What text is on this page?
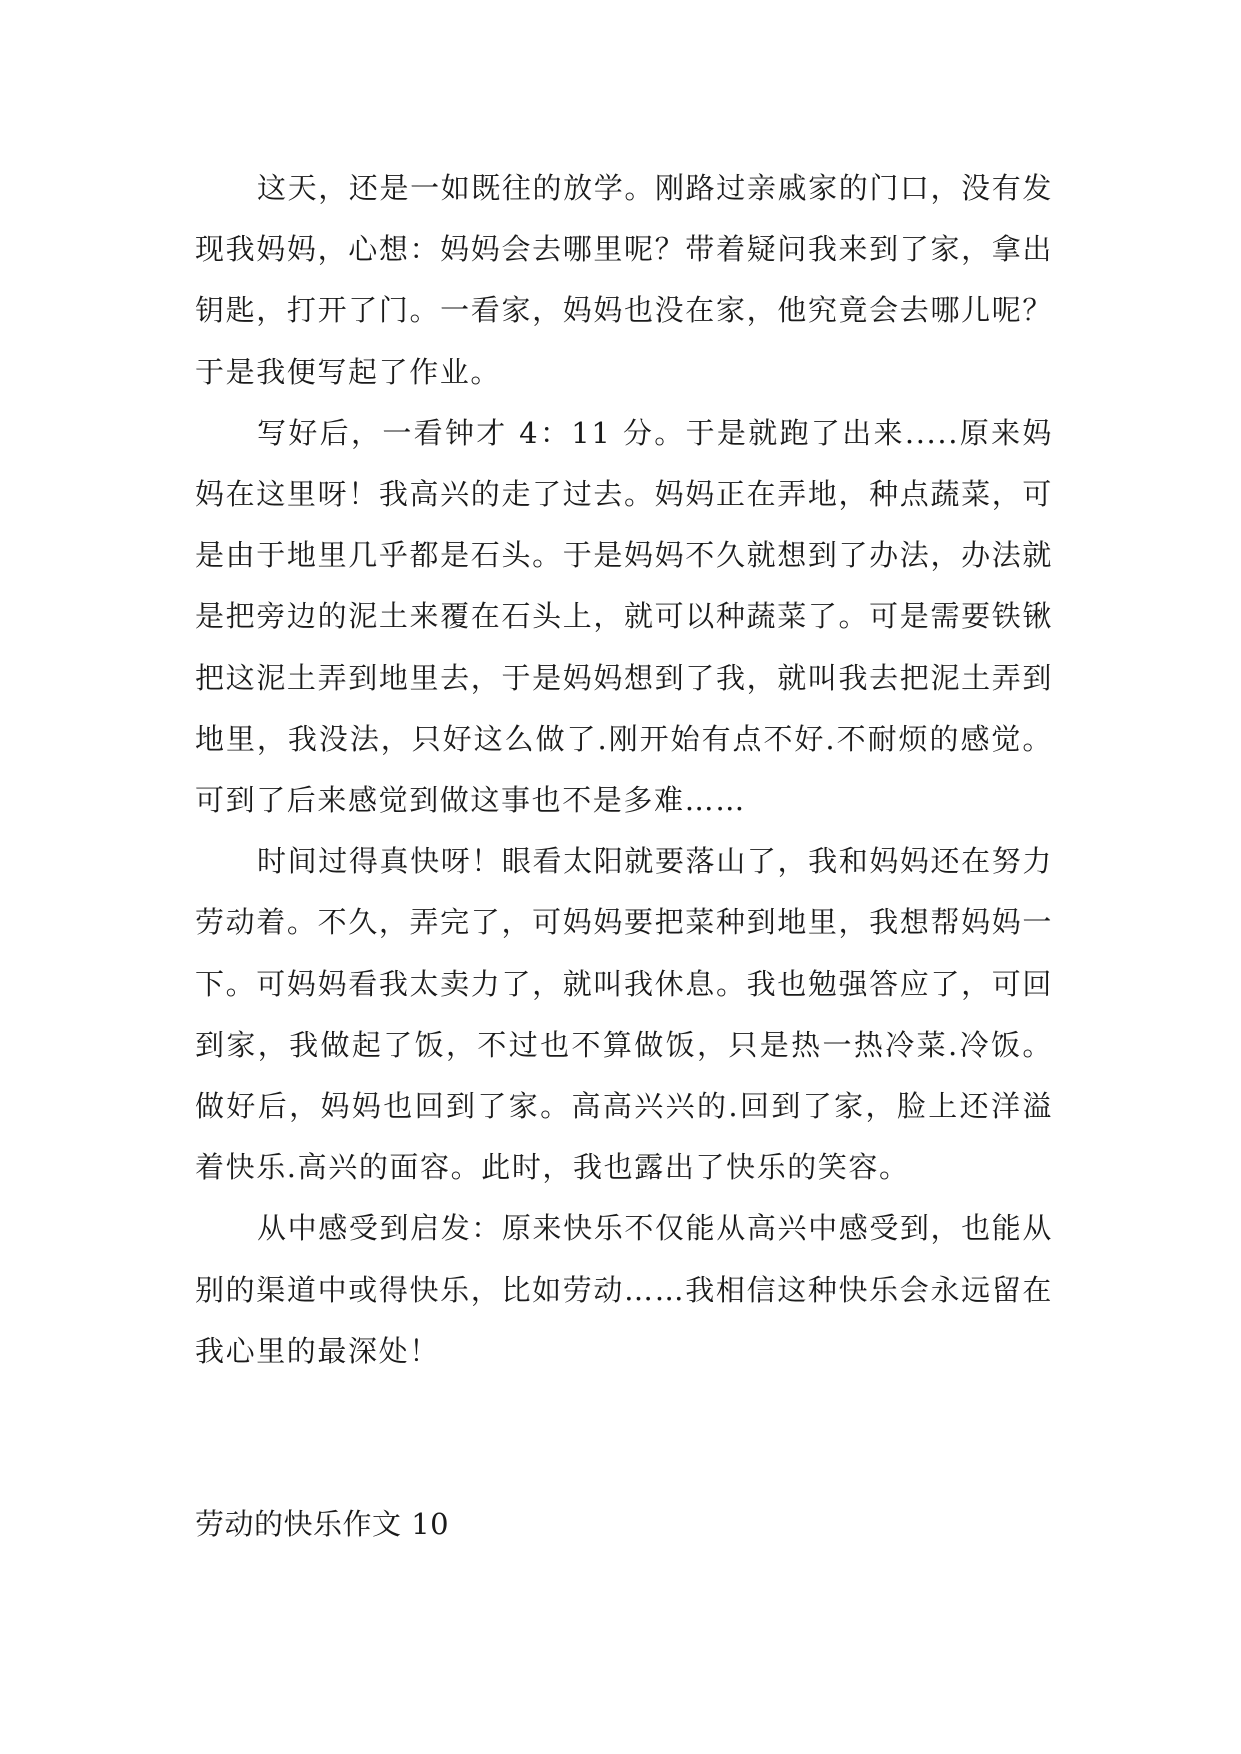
这天，还是一如既往的放学。刚路过亲戚家的门口，没有发现我妈妈，心想：妈妈会去哪里呢？带着疑问我来到了家，拿出钥匙，打开了门。一看家，妈妈也没在家，他究竟会去哪儿呢？于是我便写起了作业。

写好后，一看钟才 4：11 分。于是就跑了出来.....原来妈妈在这里呀！我高兴的走了过去。妈妈正在弄地，种点蔬菜，可是由于地里几乎都是石头。于是妈妈不久就想到了办法，办法就是把旁边的泥土来覆在石头上，就可以种蔬菜了。可是需要铁锹把这泥土弄到地里去，于是妈妈想到了我，就叫我去把泥土弄到地里，我没法，只好这么做了.刚开始有点不好.不耐烦的感觉。可到了后来感觉到做这事也不是多难……

时间过得真快呀！眼看太阳就要落山了，我和妈妈还在努力劳动着。不久，弄完了，可妈妈要把菜种到地里，我想帮妈妈一下。可妈妈看我太卖力了，就叫我休息。我也勉强答应了，可回到家，我做起了饭，不过也不算做饭，只是热一热冷菜.冷饭。做好后，妈妈也回到了家。高高兴兴的.回到了家，脸上还洋溢着快乐.高兴的面容。此时，我也露出了快乐的笑容。

从中感受到启发：原来快乐不仅能从高兴中感受到，也能从别的渠道中或得快乐，比如劳动……我相信这种快乐会永远留在我心里的最深处！

劳动的快乐作文 10
